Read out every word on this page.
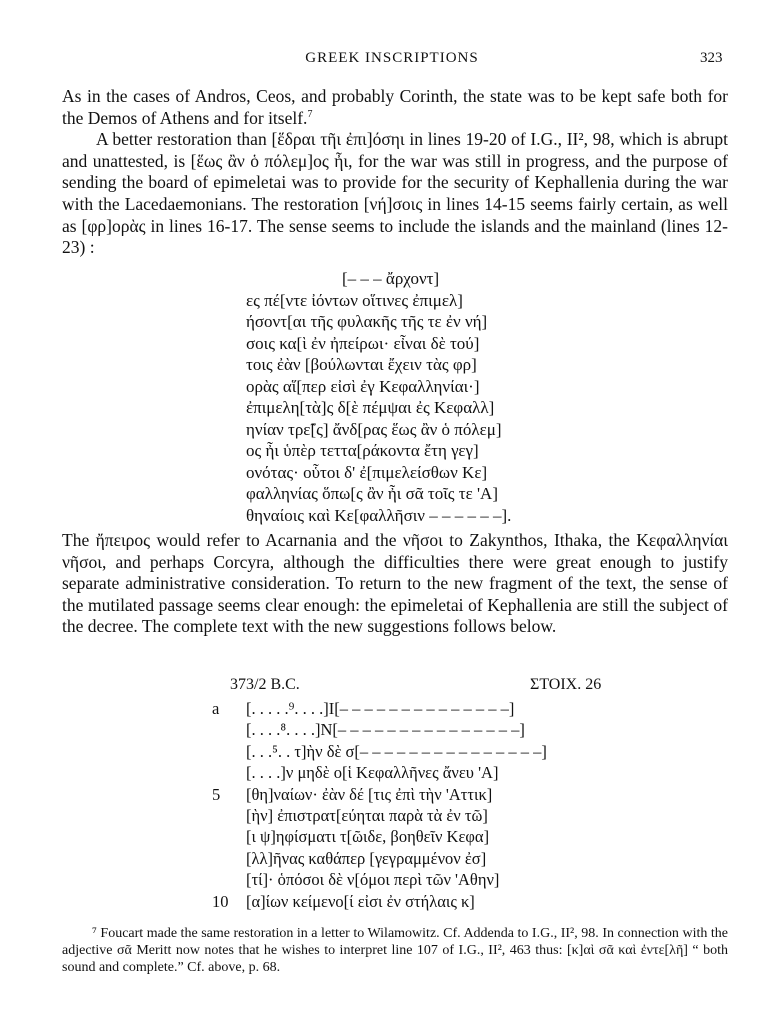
GREEK INSCRIPTIONS	323

As in the cases of Andros, Ceos, and probably Corinth, the state was to be kept safe both for the Demos of Athens and for itself.$^7$

A better restoration than [ἕδραι τῆι ἐπι]όσηι in lines 19-20 of I.G., II², 98, which is abrupt and unattested, is [ἕως ἂν ὁ πόλεμ]ος ἦι, for the war was still in progress, and the purpose of sending the board of epimeletai was to provide for the security of Kephallenia during the war with the Lacedaemonians. The restoration [νή]σοις in lines 14-15 seems fairly certain, as well as [φρ]ορὰς in lines 16-17. The sense seems to include the islands and the mainland (lines 12-23) :

[– – – ἄρχοντ]
ες πέ[ντε ἰόντων οἵτινες ἐπιμελ]
ήσοντ[αι τῆς φυλακῆς τῆς τε ἐν νή]
σοις κα[ὶ ἐν ἠπείρωι· εἶναι δὲ τού]
τοις ἐὰν [βούλωνται ἔχειν τὰς φρ]
ορὰς αἵ[περ εἰσὶ ἐγ Κεφαλληνίαι·]
ἐπιμελη[τὰ]ς δ[ὲ πέμψαι ἐς Κεφαλλ]
ηνίαν τρε̃[ς] ἄνδ[ρας ἕως ἂν ὁ πόλεμ]
ος ἦι ὑπὲρ τεττα[ράκοντα ἔτη γεγ]
ονότας· οὗτοι δ' ἐ[πιμελείσθων Κε]
φαλληνίας ὅπω[ς ἂν ἦι σᾶ τοῖς τε 'Α]
θηναίοις καὶ Κε[φαλλῆσιν – – – – – –].

The ἤπειρος would refer to Acarnania and the νῆσοι to Zakynthos, Ithaka, the Κεφαλληνίαι νῆσοι, and perhaps Corcyra, although the difficulties there were great enough to justify separate administrative consideration. To return to the new fragment of the text, the sense of the mutilated passage seems clear enough: the epimeletai of Kephallenia are still the subject of the decree. The complete text with the new suggestions follows below.

373/2 B.C.	ΣΤΟΙΧ. 26
a	[. . . . .⁹. . . .]I[– – – – – – – – – – – – – –]
[. . . .⁸. . . .]N[– – – – – – – – – – – – – – –]
[. . .⁵. . τ]ὴν δὲ σ[– – – – – – – – – – – – – – –]
[. . . .]ν μηδὲ ο[ἱ Κεφαλλῆνες ἄνευ 'Α]
5	[θη]ναίων· ἐὰν δέ [τις ἐπὶ τὴν 'Αττικ]
[ὴν] ἐπιστρατ[εύηται παρὰ τὰ ἐν τῶ]
[ι ψ]ηφίσματι τ[ῶιδε, βοηθεῖν Κεφα]
[λλ]ῆνας καθάπερ [γεγραμμένον ἐσ]
[τί]· ὁπόσοι δὲ ν[όμοι περὶ τῶν 'Αθην]
10	[α]ίων κείμενο[ί εἰσι ἐν στήλαις κ]

⁷ Foucart made the same restoration in a letter to Wilamowitz. Cf. Addenda to I.G., II², 98. In connection with the adjective σᾶ Meritt now notes that he wishes to interpret line 107 of I.G., II², 463 thus: [κ]αὶ σᾶ καὶ ἐντε[λῆ] “ both sound and complete.” Cf. above, p. 68.
